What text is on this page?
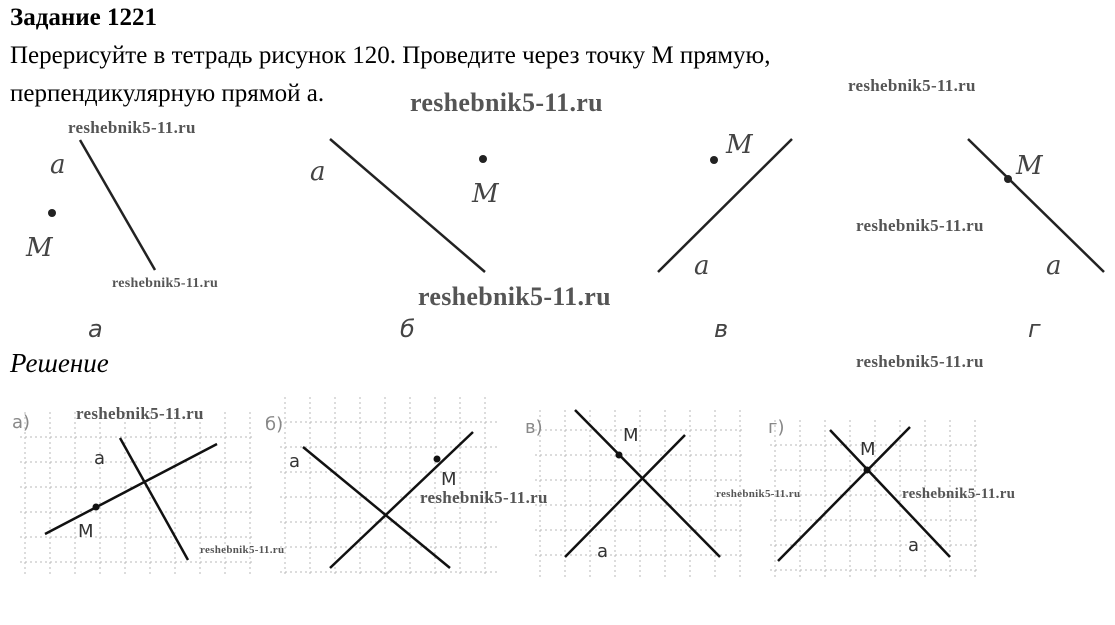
Задание 1221
Перерисуйте в тетрадь рисунок 120. Проведите через точку М прямую,
перпендикулярную прямой а.
a
M
a
M
M
a
M
a
а	б	в	г
Решение
а)
a
M
б)
a
M
в)	M
a
г)
M
a
reshebnik5-11.ru
reshebnik5-11.ru
reshebnik5-11.ru
reshebnik5-11.ru
reshebnik5-11.ru	reshebnik5-11.ru
reshebnik5-11.ru
reshebnik5-11.ru
reshebnik5-11.ru
reshebnik5-11.ru
reshebnik5-11.ru	reshebnik5-11.ru
